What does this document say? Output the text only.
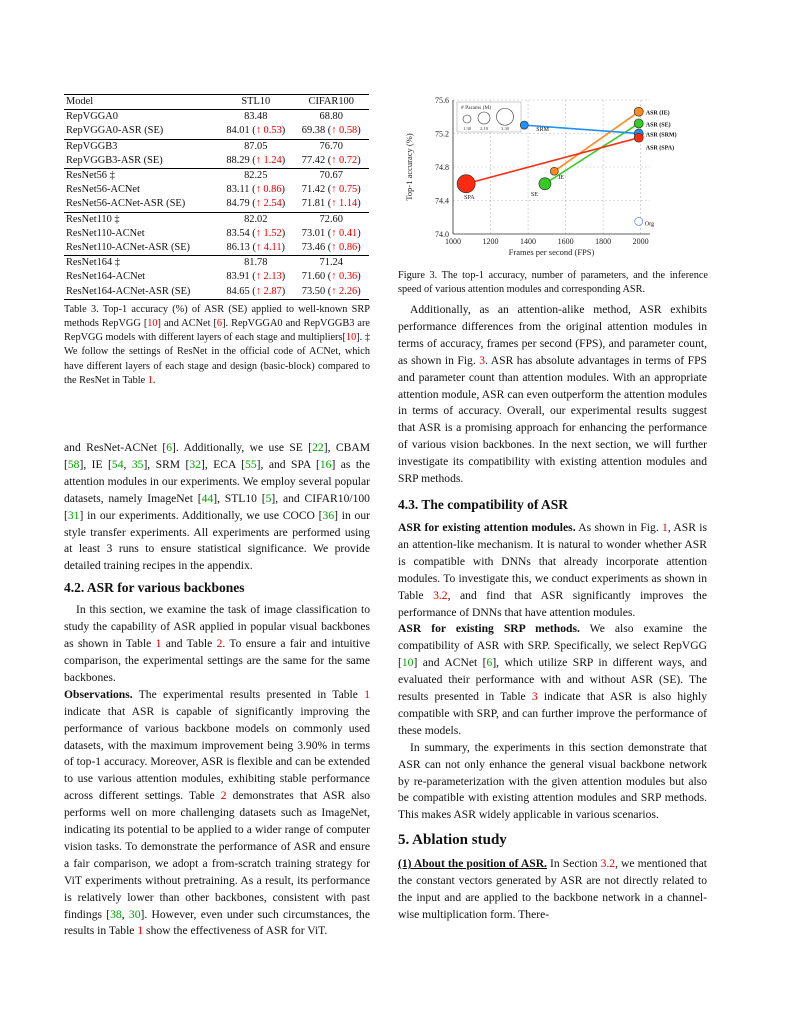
Model	STL10	CIFAR100
RepVGGA0	83.48	68.80
RepVGGA0-ASR (SE)	84.01 (↑ 0.53)	69.38 (↑ 0.58)
RepVGGB3	87.05	76.70
RepVGGB3-ASR (SE)	88.29 (↑ 1.24)	77.42 (↑ 0.72)
ResNet56 ‡	82.25	70.67
ResNet56-ACNet	83.11 (↑ 0.86)	71.42 (↑ 0.75)
ResNet56-ACNet-ASR (SE)	84.79 (↑ 2.54)	71.81 (↑ 1.14)
ResNet110 ‡	82.02	72.60
ResNet110-ACNet	83.54 (↑ 1.52)	73.01 (↑ 0.41)
ResNet110-ACNet-ASR (SE)	86.13 (↑ 4.11)	73.46 (↑ 0.86)
ResNet164 ‡	81.78	71.24
ResNet164-ACNet	83.91 (↑ 2.13)	71.60 (↑ 0.36)
ResNet164-ACNet-ASR (SE)	84.65 (↑ 2.87)	73.50 (↑ 2.26)

Table 3. Top-1 accuracy (%) of ASR (SE) applied to well-known SRP methods RepVGG [10] and ACNet [6]. RepVGGA0 and RepVGGB3 are RepVGG models with different layers of each stage and multipliers[10]. ‡ We follow the settings of ResNet in the official code of ACNet, which have different layers of each stage and design (basic-block) compared to the ResNet in Table 1.

and ResNet-ACNet [6]. Additionally, we use SE [22], CBAM [58], IE [54, 35], SRM [32], ECA [55], and SPA [16] as the attention modules in our experiments. We employ several popular datasets, namely ImageNet [44], STL10 [5], and CIFAR10/100 [31] in our experiments. Additionally, we use COCO [36] in our style transfer experiments. All experiments are performed using at least 3 runs to ensure statistical significance. We provide detailed training recipes in the appendix.

4.2. ASR for various backbones

In this section, we examine the task of image classification to study the capability of ASR applied in popular visual backbones as shown in Table 1 and Table 2. To ensure a fair and intuitive comparison, the experimental settings are the same for the same backbones.

Observations. The experimental results presented in Table 1 indicate that ASR is capable of significantly improving the performance of various backbone models on commonly used datasets, with the maximum improvement being 3.90% in terms of top-1 accuracy. Moreover, ASR is flexible and can be extended to use various attention modules, exhibiting stable performance across different settings. Table 2 demonstrates that ASR also performs well on more challenging datasets such as ImageNet, indicating its potential to be applied to a wider range of computer vision tasks. To demonstrate the performance of ASR and ensure a fair comparison, we adopt a from-scratch training strategy for ViT experiments without pretraining. As a result, its performance is relatively lower than other backbones, consistent with past findings [38, 30]. However, even under such circumstances, the results in Table 1 show the effectiveness of ASR for ViT.

74.0
74.4
74.8
75.2
75.6
1000	1200	1400	1600	1800	2000
Frames per second (FPS)
Top-1 accuracy (%)
# Params (M)
1.30 2.10	3.30
Org
SPA	SE
IE
SRM
ASR (IE)
ASR (SE)
ASR (SRM)
ASR (SPA)

Figure 3. The top-1 accuracy, number of parameters, and the inference speed of various attention modules and corresponding ASR.

Additionally, as an attention-alike method, ASR exhibits performance differences from the original attention modules in terms of accuracy, frames per second (FPS), and parameter count, as shown in Fig. 3. ASR has absolute advantages in terms of FPS and parameter count than attention modules. With an appropriate attention module, ASR can even outperform the attention modules in terms of accuracy. Overall, our experimental results suggest that ASR is a promising approach for enhancing the performance of various vision backbones. In the next section, we will further investigate its compatibility with existing attention modules and SRP methods.

4.3. The compatibility of ASR

ASR for existing attention modules. As shown in Fig. 1, ASR is an attention-like mechanism. It is natural to wonder whether ASR is compatible with DNNs that already incorporate attention modules. To investigate this, we conduct experiments as shown in Table 3.2, and find that ASR significantly improves the performance of DNNs that have attention modules.

ASR for existing SRP methods. We also examine the compatibility of ASR with SRP. Specifically, we select RepVGG [10] and ACNet [6], which utilize SRP in different ways, and evaluated their performance with and without ASR (SE). The results presented in Table 3 indicate that ASR is also highly compatible with SRP, and can further improve the performance of these models.

In summary, the experiments in this section demonstrate that ASR can not only enhance the general visual backbone network by re-parameterization with the given attention modules but also be compatible with existing attention modules and SRP methods. This makes ASR widely applicable in various scenarios.

5. Ablation study

(1) About the position of ASR. In Section 3.2, we mentioned that the constant vectors generated by ASR are not directly related to the input and are applied to the backbone network in a channel-wise multiplication form. There-
